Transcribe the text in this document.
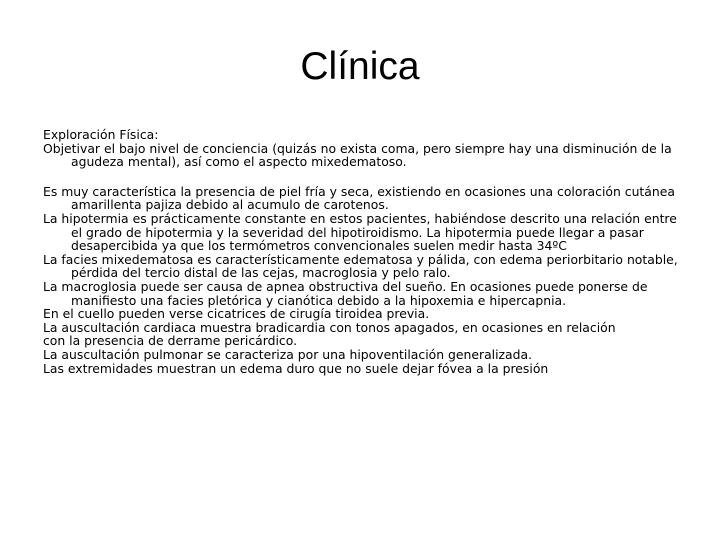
Clínica

Exploración Física:

Objetivar el bajo nivel de conciencia (quizás no exista coma, pero siempre hay una disminución de la agudeza mental), así como el aspecto mixedematoso.

Es muy característica la presencia de piel fría y seca, existiendo en ocasiones una coloración cutánea amarillenta pajiza debido al acumulo de carotenos.

La hipotermia es prácticamente constante en estos pacientes, habiéndose descrito una relación entre el grado de hipotermia y la severidad del hipotiroidismo. La hipotermia puede llegar a pasar desapercibida ya que los termómetros convencionales suelen medir hasta 34ºC

La facies mixedematosa es característicamente edematosa y pálida, con edema periorbitario notable, pérdida del tercio distal de las cejas, macroglosia y pelo ralo.

La macroglosia puede ser causa de apnea obstructiva del sueño. En ocasiones puede ponerse de manifiesto una facies pletórica y cianótica debido a la hipoxemia e hipercapnia.

En el cuello pueden verse cicatrices de cirugía tiroidea previa.

La auscultación cardiaca muestra bradicardia con tonos apagados, en ocasiones en relación

con la presencia de derrame pericárdico.

La auscultación pulmonar se caracteriza por una hipoventilación generalizada.

Las extremidades muestran un edema duro que no suele dejar fóvea a la presión
